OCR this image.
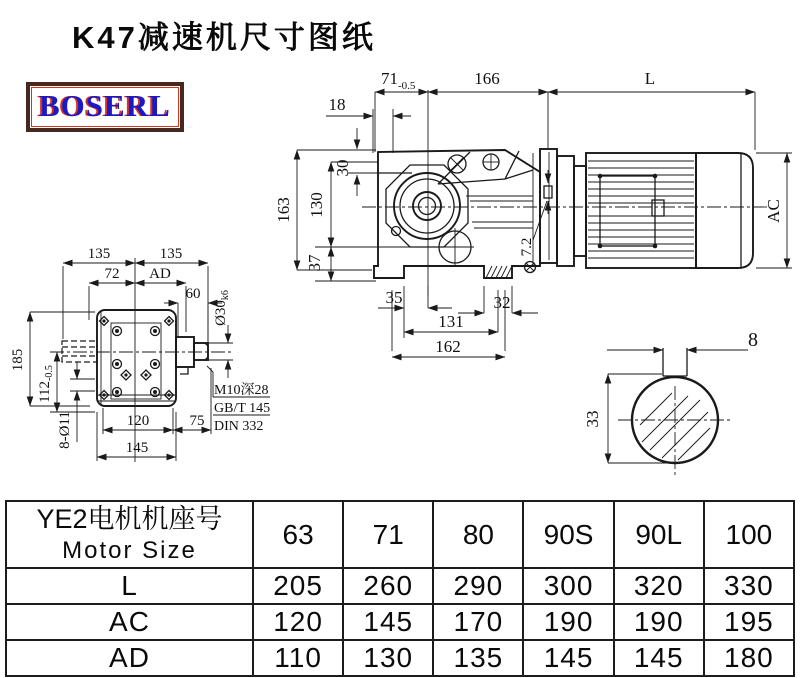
K47减速机尺寸图纸
BOSERL
$71_{-0.5}$	166	L
18
30
163 130
37
35	32
131
162
7.2
AC
135	135
72 AD
60
$Ø30_{k6}$
185
$112_{-0.5}$
8-Ø11	120	75
145
M10深28
GB/T 145
DIN 332
8
33
YE2电机机座号
Motor Size	63	71	80	90S	90L	100
L	205	260	290	300	320	330
AC	120	145	170	190	190	195
AD	110	130	135	145	145	180
